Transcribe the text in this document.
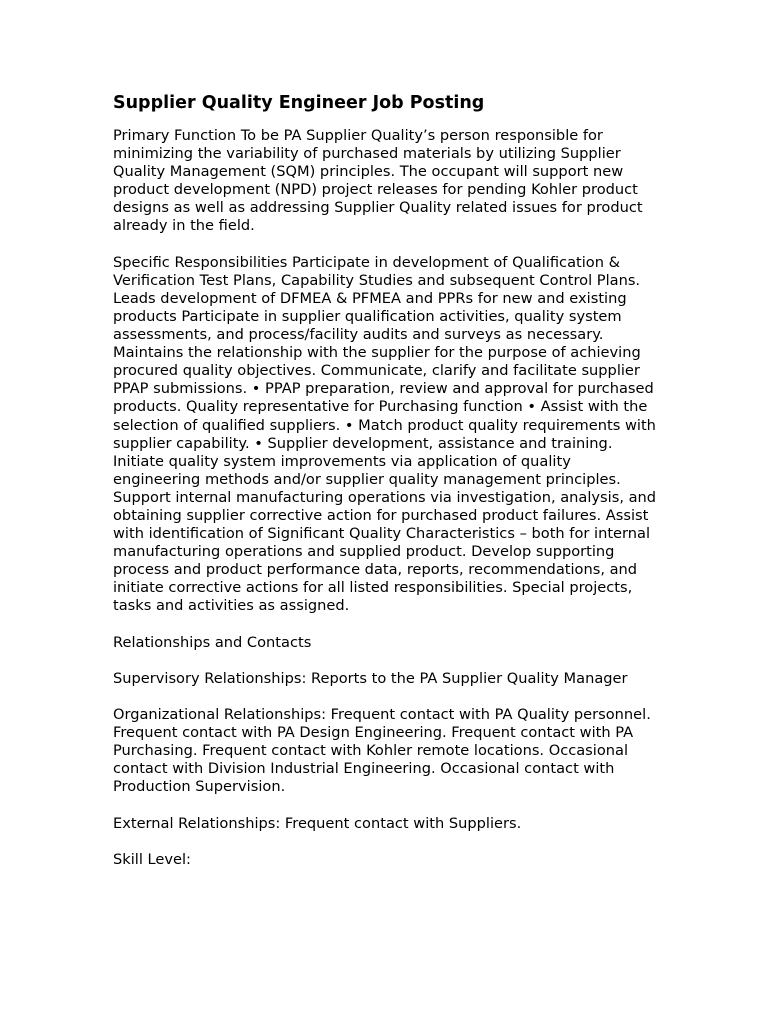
Supplier Quality Engineer Job Posting

Primary Function To be PA Supplier Quality’s person responsible for minimizing the variability of purchased materials by utilizing Supplier Quality Management (SQM) principles. The occupant will support new product development (NPD) project releases for pending Kohler product designs as well as addressing Supplier Quality related issues for product already in the field.

Specific Responsibilities Participate in development of Qualification & Verification Test Plans, Capability Studies and subsequent Control Plans. Leads development of DFMEA & PFMEA and PPRs for new and existing products Participate in supplier qualification activities, quality system assessments, and process/facility audits and surveys as necessary. Maintains the relationship with the supplier for the purpose of achieving procured quality objectives. Communicate, clarify and facilitate supplier PPAP submissions. • PPAP preparation, review and approval for purchased products. Quality representative for Purchasing function • Assist with the selection of qualified suppliers. • Match product quality requirements with supplier capability. • Supplier development, assistance and training. Initiate quality system improvements via application of quality engineering methods and/or supplier quality management principles. Support internal manufacturing operations via investigation, analysis, and obtaining supplier corrective action for purchased product failures. Assist with identification of Significant Quality Characteristics – both for internal manufacturing operations and supplied product. Develop supporting process and product performance data, reports, recommendations, and initiate corrective actions for all listed responsibilities. Special projects, tasks and activities as assigned.

Relationships and Contacts

Supervisory Relationships: Reports to the PA Supplier Quality Manager

Organizational Relationships: Frequent contact with PA Quality personnel. Frequent contact with PA Design Engineering. Frequent contact with PA Purchasing. Frequent contact with Kohler remote locations. Occasional contact with Division Industrial Engineering. Occasional contact with Production Supervision.

External Relationships: Frequent contact with Suppliers.

Skill Level:
